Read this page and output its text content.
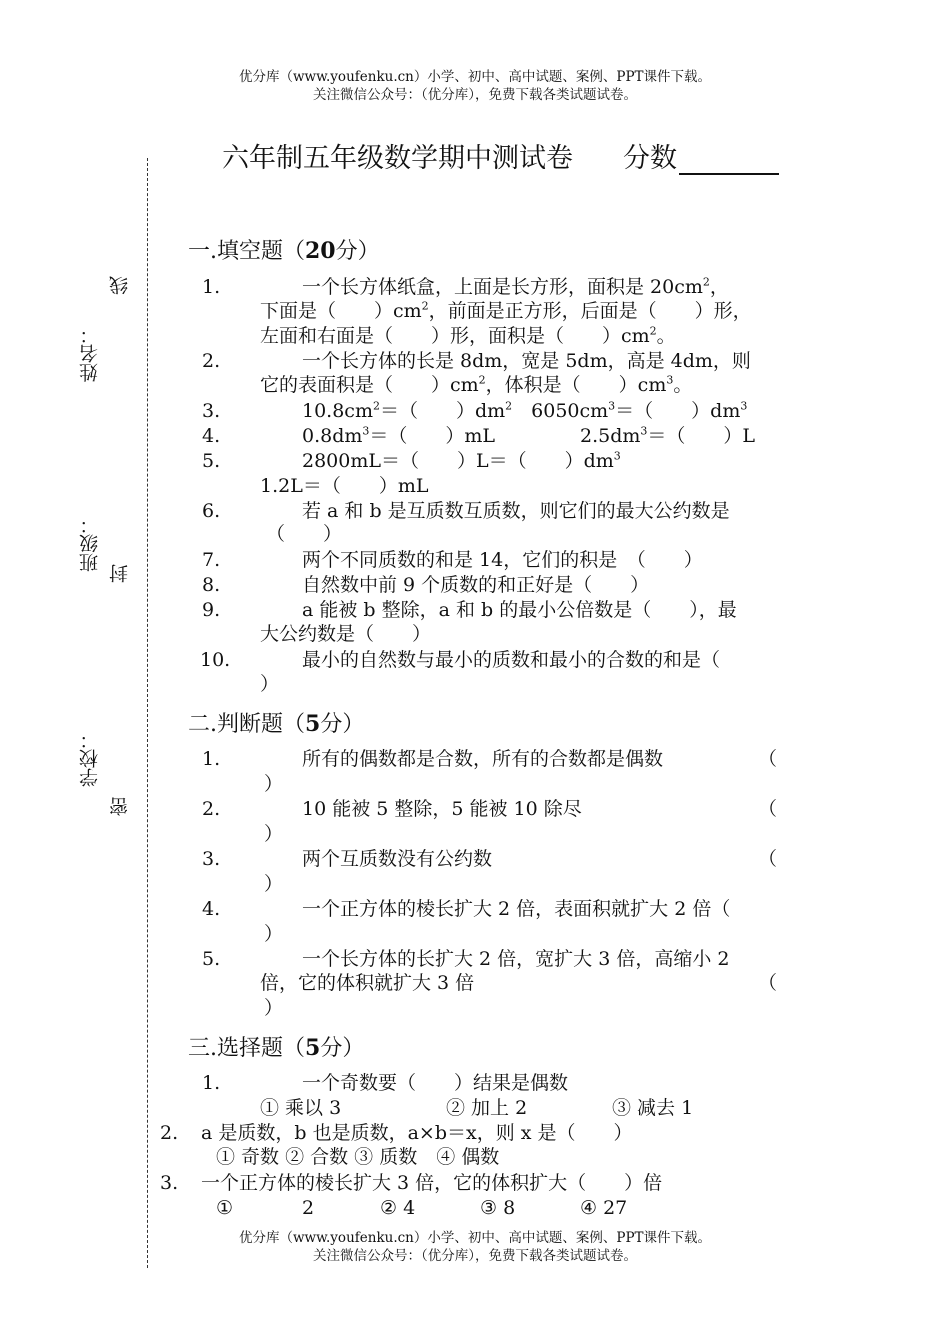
优分库（www.youfenku.cn）小学、初中、高中试题、案例、PPT课件下载。
关注微信公众号：（优分库），免费下载各类试题试卷。
六年制五年级数学期中测试卷 分数
姓名：
线
班级：
封
学校：
密
一.填空题（20分）
1.	一个长方体纸盒，上面是长方形，面积是 $20cm^2$，
下面是（　　）$cm^2$，前面是正方形，后面是（　　）形，
左面和右面是（　　）形，面积是（　　）$cm^2$。
2.	一个长方体的长是 8dm，宽是 5dm，高是 4dm，则
它的表面积是（　　）$cm^2$，体积是（　　）$cm^3$。
3.	$10.8cm^2=$（　　）$dm^2$　$6050cm^3=$（　　）$dm^3$
4.	$0.8dm^3=$（　　）mL	$2.5dm^3=$（　　）L
5.	2800mL＝（　　）L＝（　　）$dm^3$
1.2L＝（　　）mL
6.	若 a 和 b 是互质数互质数，则它们的最大公约数是
（　　）
7.	两个不同质数的和是 14，它们的积是　（　　）
8.	自然数中前 9 个质数的和正好是（　　）
9.	a 能被 b 整除，a 和 b 的最小公倍数是（　　），最
大公约数是（　　）
10.	最小的自然数与最小的质数和最小的合数的和是（
）
二.判断题（5分）
1.	所有的偶数都是合数，所有的合数都是偶数	（
）
2.	10 能被 5 整除，5 能被 10 除尽	（
）
3.	两个互质数没有公约数	（
）
4.	一个正方体的棱长扩大 2 倍，表面积就扩大 2 倍（
）
5.	一个长方体的长扩大 2 倍，宽扩大 3 倍，高缩小 2
倍，它的体积就扩大 3 倍	（
）
三.选择题（5分）
1.	一个奇数要（　　）结果是偶数
① 乘以 3	② 加上 2	③ 减去 1
2. a 是质数，b 也是质数，a×b＝x，则 x 是（　　）
① 奇数 ② 合数 ③ 质数　④ 偶数
3. 一个正方体的棱长扩大 3 倍，它的体积扩大（　　）倍
①	2	② 4	③ 8	④ 27
优分库（www.youfenku.cn）小学、初中、高中试题、案例、PPT课件下载。
关注微信公众号：（优分库），免费下载各类试题试卷。
